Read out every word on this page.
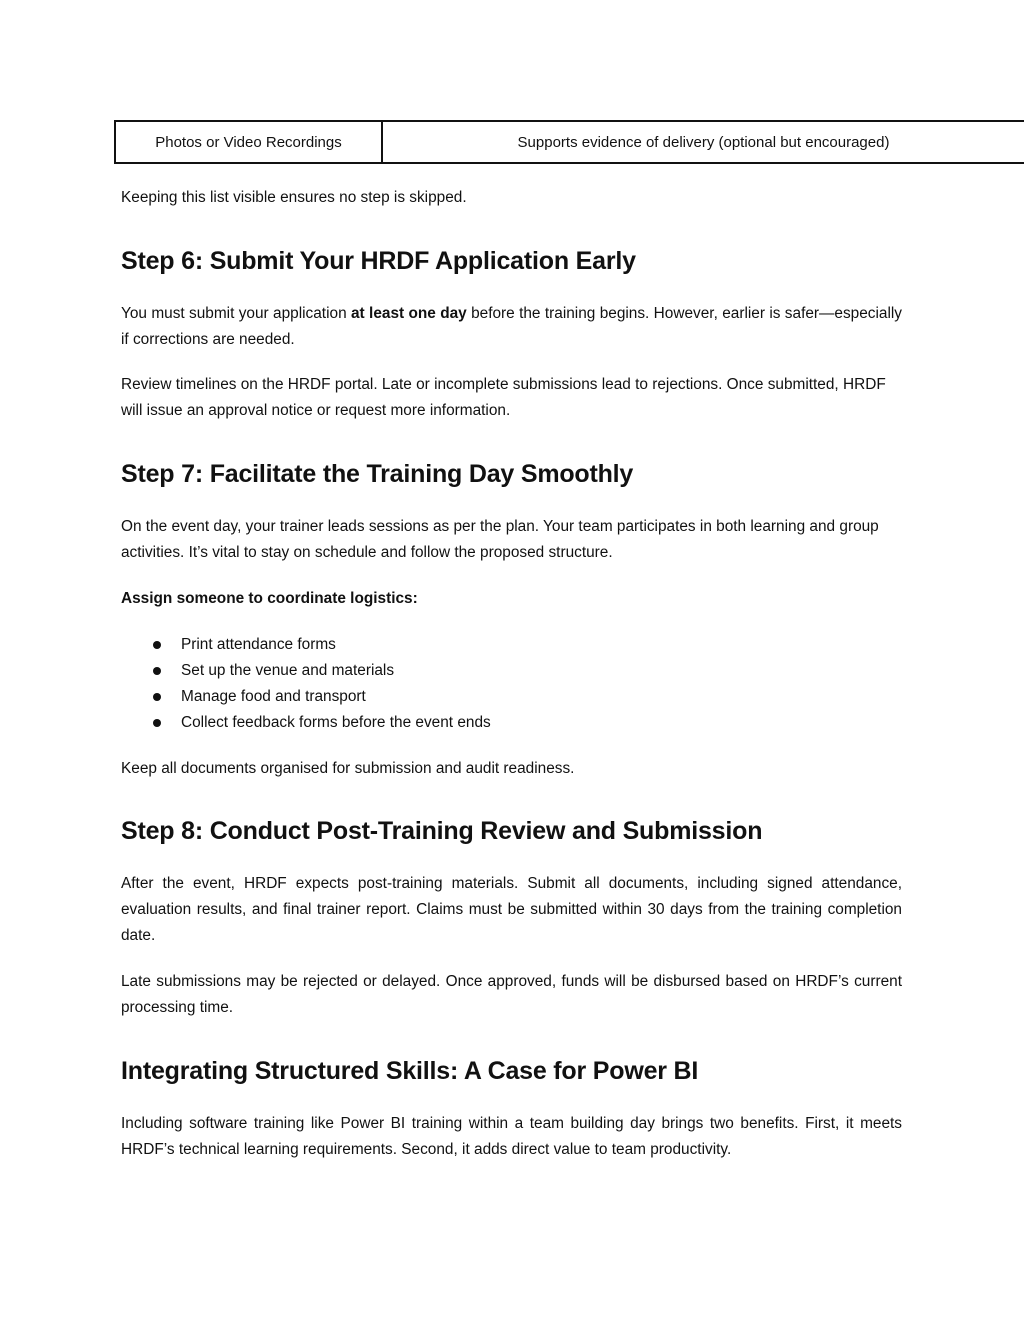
Photos or Video Recordings	Supports evidence of delivery (optional but encouraged)

Keeping this list visible ensures no step is skipped.

Step 6: Submit Your HRDF Application Early

You must submit your application at least one day before the training begins. However, earlier is safer—especially if corrections are needed.

Review timelines on the HRDF portal. Late or incomplete submissions lead to rejections. Once submitted, HRDF will issue an approval notice or request more information.

Step 7: Facilitate the Training Day Smoothly

On the event day, your trainer leads sessions as per the plan. Your team participates in both learning and group activities. It’s vital to stay on schedule and follow the proposed structure.

Assign someone to coordinate logistics:

Print attendance forms
Set up the venue and materials
Manage food and transport
Collect feedback forms before the event ends

Keep all documents organised for submission and audit readiness.

Step 8: Conduct Post-Training Review and Submission

After the event, HRDF expects post-training materials. Submit all documents, including signed attendance, evaluation results, and final trainer report. Claims must be submitted within 30 days from the training completion date.

Late submissions may be rejected or delayed. Once approved, funds will be disbursed based on HRDF’s current processing time.

Integrating Structured Skills: A Case for Power BI

Including software training like Power BI training within a team building day brings two benefits. First, it meets HRDF’s technical learning requirements. Second, it adds direct value to team productivity.
